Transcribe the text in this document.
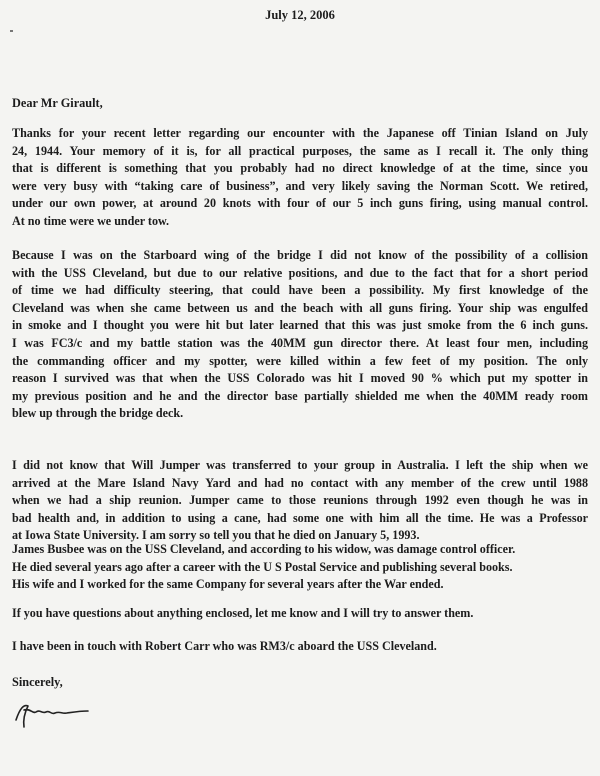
July 12, 2006
Dear Mr Girault,
Thanks for your recent letter regarding our encounter with the Japanese off Tinian Island on July
24, 1944. Your memory of it is, for all practical purposes, the same as I recall it. The only thing
that is different is something that you probably had no direct knowledge of at the time, since you
were very busy with “taking care of business”, and very likely saving the Norman Scott. We retired,
under our own power, at around 20 knots with four of our 5 inch guns firing, using manual control.
At no time were we under tow.
Because I was on the Starboard wing of the bridge I did not know of the possibility of a collision
with the USS Cleveland, but due to our relative positions, and due to the fact that for a short period
of time we had difficulty steering, that could have been a possibility. My first knowledge of the
Cleveland was when she came between us and the beach with all guns firing. Your ship was engulfed
in smoke and I thought you were hit but later learned that this was just smoke from the 6 inch guns.
I was FC3/c and my battle station was the 40MM gun director there. At least four men, including
the commanding officer and my spotter, were killed within a few feet of my position. The only
reason I survived was that when the USS Colorado was hit I moved 90 % which put my spotter in
my previous position and he and the director base partially shielded me when the 40MM ready room
blew up through the bridge deck.
I did not know that Will Jumper was transferred to your group in Australia. I left the ship when we
arrived at the Mare Island Navy Yard and had no contact with any member of the crew until 1988
when we had a ship reunion. Jumper came to those reunions through 1992 even though he was in
bad health and, in addition to using a cane, had some one with him all the time. He was a Professor
at Iowa State University. I am sorry so tell you that he died on January 5, 1993.
James Busbee was on the USS Cleveland, and according to his widow, was damage control officer.
He died several years ago after a career with the U S Postal Service and publishing several books.
His wife and I worked for the same Company for several years after the War ended.
If you have questions about anything enclosed, let me know and I will try to answer them.
I have been in touch with Robert Carr who was RM3/c aboard the USS Cleveland.
Sincerely,
